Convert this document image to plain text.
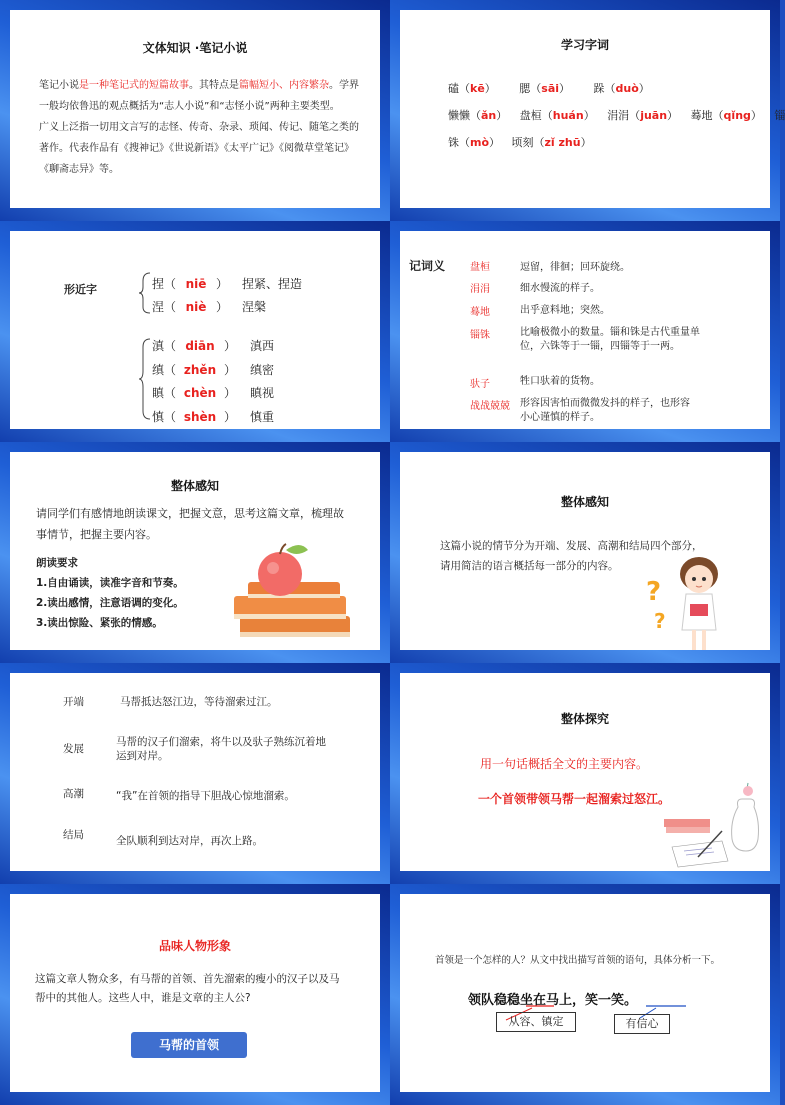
文体知识 ·笔记小说
笔记小说是一种笔记式的短篇故事。其特点是篇幅短小、内容繁杂。学界
一般均依鲁迅的观点概括为“志人小说”和“志怪小说”两种主要类型。
广义上泛指一切用文言写的志怪、传奇、杂录、琐闻、传记、随笔之类的
著作。代表作品有《搜神记》《世说新语》《太平广记》《阅微草堂笔记》
《聊斋志异》等。
学习字词
磕（kē） 腮（sāi） 跺（duò）
懒懒（ǎn） 盘桓（huán） 涓涓（juān） 蓦地（qǐng） 锱
铢（mò） 顷刻（zǐ zhū）
形近字	捏（ niē ） 捏紧、捏造
涅（ niè ） 涅槃
滇（ diān ） 滇西
缜（ zhěn ） 缜密
瞋（ chèn ） 瞋视
慎（ shèn ） 慎重
记词义 盘桓	逗留，徘徊；回环旋绕。
涓涓	细水慢流的样子。
蓦地	出乎意料地；突然。
锱铢	比喻极微小的数量。锱和铢是古代重量单
位，六铢等于一锱，四锱等于一两。
驮子	牲口驮着的货物。
战战兢兢 形容因害怕而微微发抖的样子，也形容
小心谨慎的样子。
整体感知
请同学们有感情地朗读课文，把握文意，思考这篇文章，梳理故
事情节，把握主要内容。
朗读要求
1.自由诵读，读准字音和节奏。
2.读出感情，注意语调的变化。
3.读出惊险、紧张的情感。
整体感知
这篇小说的情节分为开端、发展、高潮和结局四个部分，
请用简洁的语言概括每一部分的内容。
?
?
开端	马帮抵达怒江边，等待溜索过江。
发展
马帮的汉子们溜索，将牛以及驮子熟练沉着地
运到对岸。
高潮	“我”在首领的指导下胆战心惊地溜索。
结局	全队顺利到达对岸，再次上路。
整体探究
用一句话概括全文的主要内容。
一个首领带领马帮一起溜索过怒江。
品味人物形象
这篇文章人物众多，有马帮的首领、首先溜索的瘦小的汉子以及马
帮中的其他人。这些人中，谁是文章的主人公?
马帮的首领
首领是一个怎样的人？从文中找出描写首领的语句，具体分析一下。
领队稳稳坐在马上，笑一笑。
从容、镇定	有信心
